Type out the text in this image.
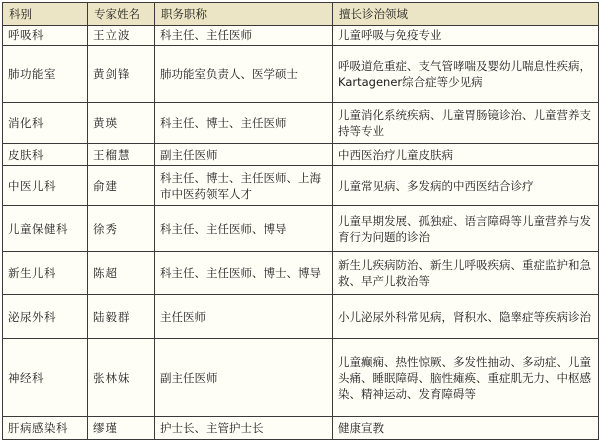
科别	专家姓名	职务职称	擅长诊治领域
呼吸科	王立波	科主任、主任医师	儿童呼吸与免疫专业
肺功能室	黄剑锋	肺功能室负责人、医学硕士	呼吸道危重症、支气管哮喘及婴幼儿喘息性疾病，Kartagener综合症等少见病
消化科	黄瑛	科主任、博士、主任医师	儿童消化系统疾病、儿童胃肠镜诊治、儿童营养支持等专业
皮肤科	王榴慧	副主任医师	中西医治疗儿童皮肤病
中医儿科	俞建	科主任、博士、主任医师、上海市中医药领军人才	儿童常见病、多发病的中西医结合诊疗
儿童保健科	徐秀	科主任、主任医师、博导	儿童早期发展、孤独症、语言障碍等儿童营养与发育行为问题的诊治
新生儿科	陈超	科主任、主任医师、博士、博导	新生儿疾病防治、新生儿呼吸疾病、重症监护和急救、早产儿救治等
泌尿外科	陆毅群	主任医师	小儿泌尿外科常见病，肾积水、隐睾症等疾病诊治
神经科	张林妹	副主任医师	儿童癫痫、热性惊厥、多发性抽动、多动症、儿童头痛、睡眠障碍、脑性瘫痪、重症肌无力、中枢感染、精神运动、发育障碍等
肝病感染科	缪瑾	护士长、主管护士长	健康宣教
